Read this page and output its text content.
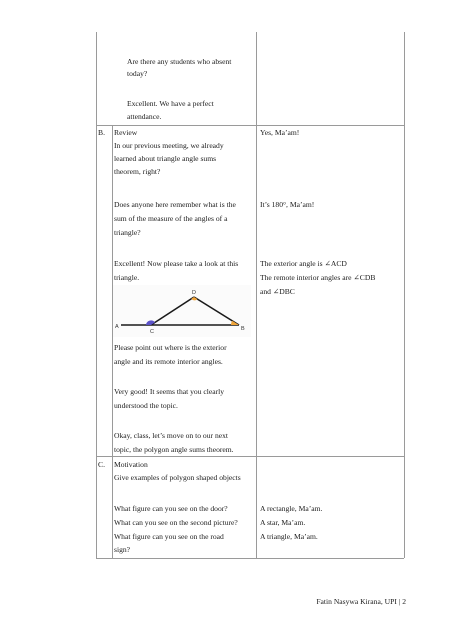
Are there any students who absent
today?
Excellent. We have a perfect
attendance.
B. Review
In our previous meeting, we already
learned about triangle angle sums
theorem, right?
Does anyone here remember what is the
sum of the measure of the angles of a
triangle?
Excellent! Now please take a look at this
triangle.
A
C
D
B
Please point out where is the exterior
angle and its remote interior angles.
Very good! It seems that you clearly
understood the topic.
Okay, class, let’s move on to our next
topic, the polygon angle sums theorem.
Yes, Ma’am!
It’s 180°, Ma’am!
The exterior angle is ∠ACD
The remote interior angles are ∠CDB
and ∠DBC
C. Motivation
Give examples of polygon shaped objects
What figure can you see on the door?
What can you see on the second picture?
What figure can you see on the road
sign?
A rectangle, Ma’am.
A star, Ma’am.
A triangle, Ma’am.
Fatin Nasywa Kirana, UPI | 2
